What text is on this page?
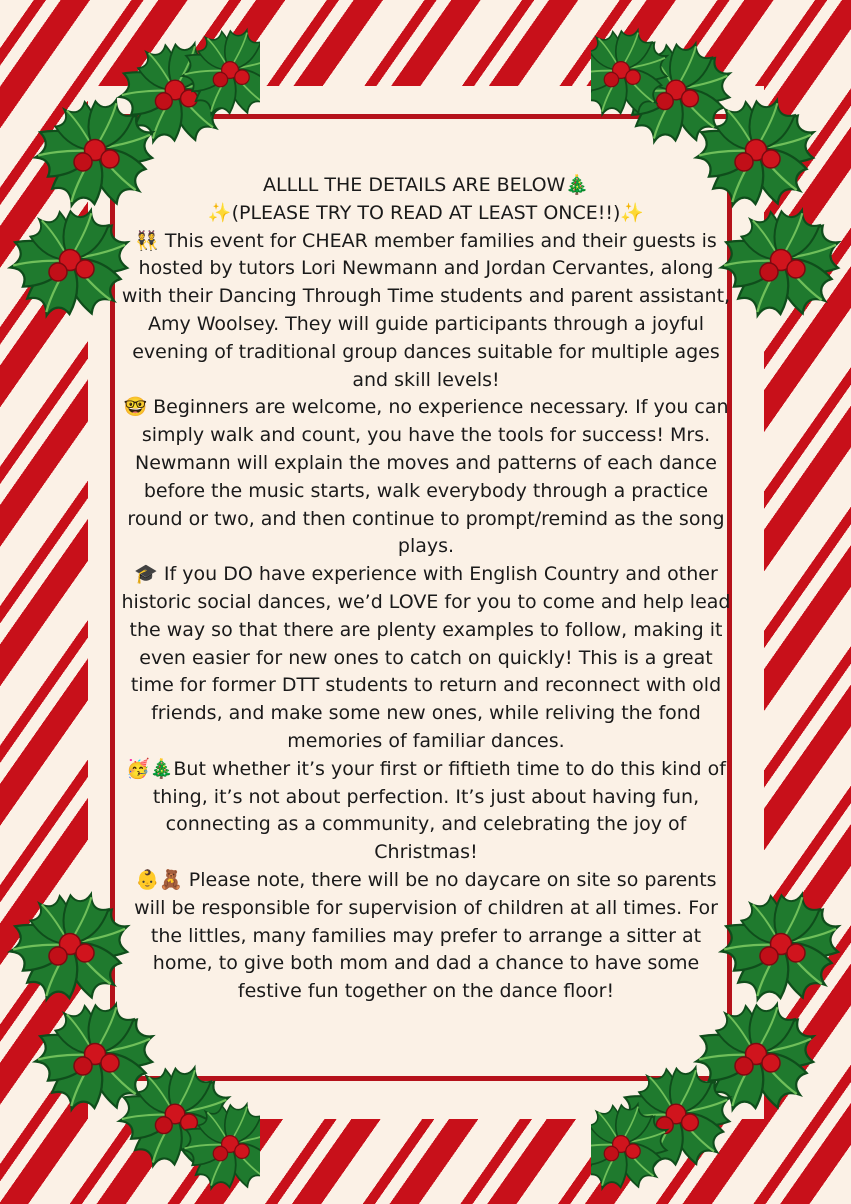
ALLLL THE DETAILS ARE BELOW🎄

✨(PLEASE TRY TO READ AT LEAST ONCE!!)✨

👯 This event for CHEAR member families and their guests is hosted by tutors Lori Newmann and Jordan Cervantes, along with their Dancing Through Time students and parent assistant, Amy Woolsey. They will guide participants through a joyful evening of traditional group dances suitable for multiple ages and skill levels!

🤓 Beginners are welcome, no experience necessary. If you can simply walk and count, you have the tools for success! Mrs. Newmann will explain the moves and patterns of each dance before the music starts, walk everybody through a practice round or two, and then continue to prompt/remind as the song plays.

🎓 If you DO have experience with English Country and other historic social dances, we’d LOVE for you to come and help lead the way so that there are plenty examples to follow, making it even easier for new ones to catch on quickly! This is a great time for former DTT students to return and reconnect with old friends, and make some new ones, while reliving the fond memories of familiar dances.

🥳🎄But whether it’s your first or fiftieth time to do this kind of thing, it’s not about perfection. It’s just about having fun, connecting as a community, and celebrating the joy of Christmas!

👶🧸 Please note, there will be no daycare on site so parents will be responsible for supervision of children at all times. For the littles, many families may prefer to arrange a sitter at home, to give both mom and dad a chance to have some festive fun together on the dance floor!
